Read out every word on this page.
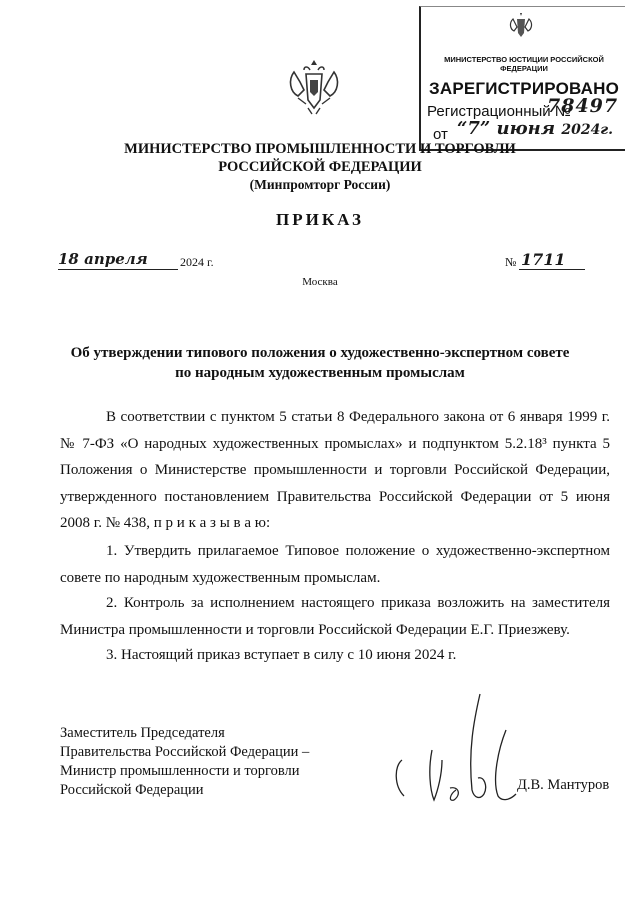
МИНИСТЕРСТВО ЮСТИЦИИ РОССИЙСКОЙ ФЕДЕРАЦИИ
ЗАРЕГИСТРИРОВАНО
Регистрационный №
78497
от “7” июня 2024г.
МИНИСТЕРСТВО ПРОМЫШЛЕННОСТИ И ТОРГОВЛИ
РОССИЙСКОЙ ФЕДЕРАЦИИ
(Минпромторг России)
ПРИКАЗ
18 апреля	2024 г.	№ 1711
Москва
Об утверждении типового положения о художественно-экспертном совете
по народным художественным промыслам
В соответствии с пунктом 5 статьи 8 Федерального закона от 6 января 1999 г. № 7-ФЗ «О народных художественных промыслах» и подпунктом 5.2.18³ пункта 5 Положения о Министерстве промышленности и торговли Российской Федерации, утвержденного постановлением Правительства Российской Федерации от 5 июня 2008 г. № 438, п р и к а з ы в а ю:
1. Утвердить прилагаемое Типовое положение о художественно-экспертном совете по народным художественным промыслам.
2. Контроль за исполнением настоящего приказа возложить на заместителя Министра промышленности и торговли Российской Федерации Е.Г. Приезжеву.
3. Настоящий приказ вступает в силу с 10 июня 2024 г.
Заместитель Председателя
Правительства Российской Федерации –
Министр промышленности и торговли
Российской Федерации	Д.В. Мантуров
